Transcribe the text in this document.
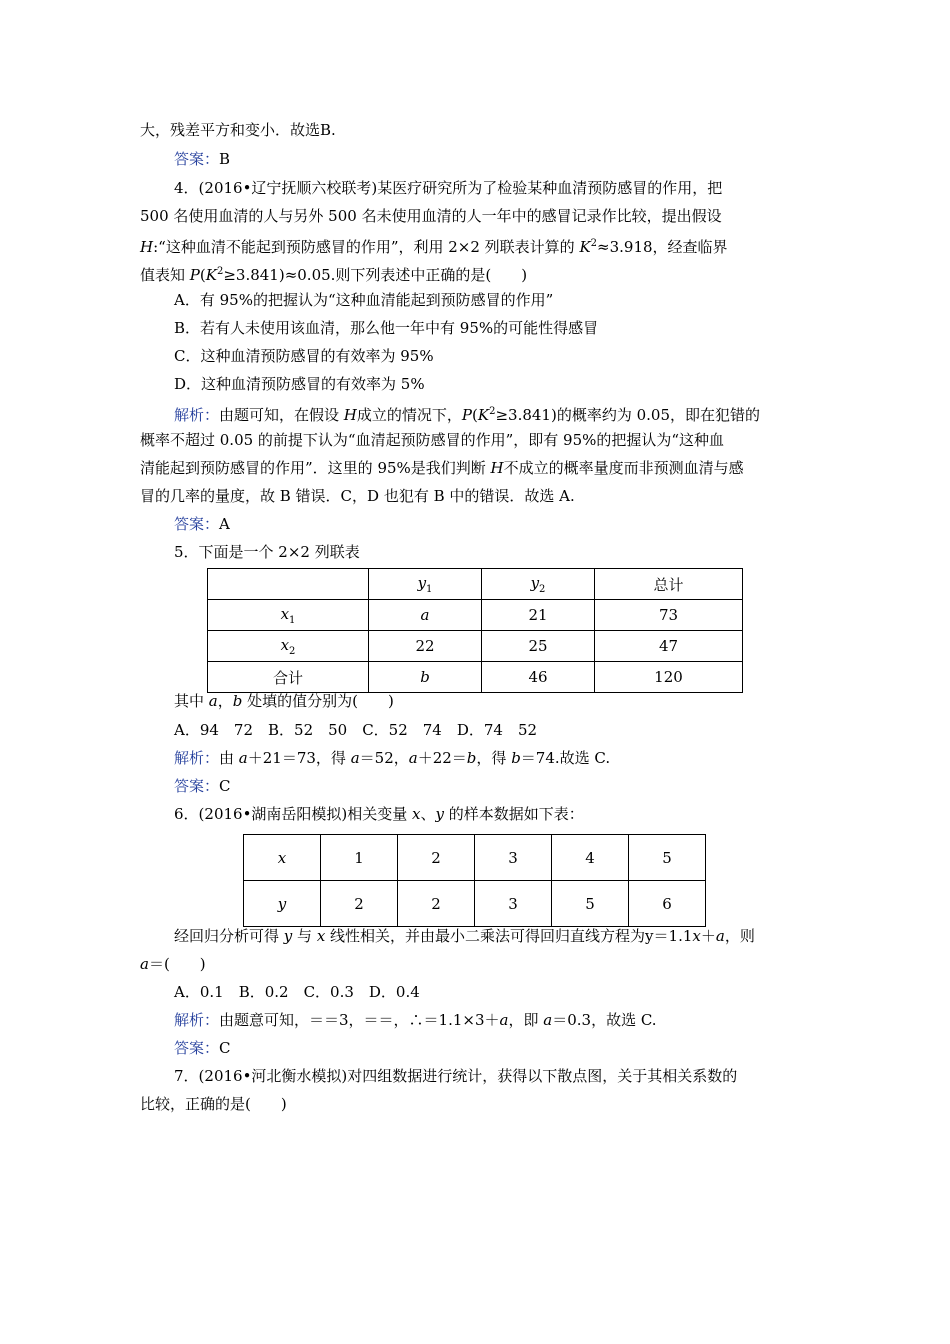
大，残差平方和变小．故选B.
答案：B
4．(2016•辽宁抚顺六校联考)某医疗研究所为了检验某种血清预防感冒的作用，把
500 名使用血清的人与另外 500 名未使用血清的人一年中的感冒记录作比较，提出假设
H:“这种血清不能起到预防感冒的作用”，利用 2×2 列联表计算的 $K^2\approx 3.918$，经查临界
值表知 $P(K^2\ge 3.841)\approx 0.05$.则下列表述中正确的是(　　)
A．有 95%的把握认为“这种血清能起到预防感冒的作用”
B．若有人未使用该血清，那么他一年中有 95%的可能性得感冒
C．这种血清预防感冒的有效率为 95%
D．这种血清预防感冒的有效率为 5%
解析：由题可知，在假设 H成立的情况下，$P(K^2\ge 3.841)$的概率约为 0.05，即在犯错的
概率不超过 0.05 的前提下认为“血清起预防感冒的作用”，即有 95%的把握认为“这种血
清能起到预防感冒的作用”．这里的 95%是我们判断 H不成立的概率量度而非预测血清与感
冒的几率的量度，故 B 错误．C，D 也犯有 B 中的错误．故选 A.
答案：A
5．下面是一个 2×2 列联表
	$y_1$	$y_2$	总计
$x_1$	a	21	73
$x_2$	22	25	47
合计	b	46	120
其中 a，b 处填的值分别为(　　)
A．94　72　B．52　50　C．52　74　D．74　52
解析：由 a＋21＝73，得 a＝52，a＋22＝b，得 b＝74.故选 C.
答案：C
6．(2016•湖南岳阳模拟)相关变量 x、y 的样本数据如下表：
x	1	2	3	4	5
y	2	2	3	5	6
经回归分析可得 y 与 x 线性相关，并由最小二乘法可得回归直线方程为y＝1.1x＋a，则
a＝(　　)
A．0.1　B．0.2　C．0.3　D．0.4
解析：由题意可知，＝＝3，＝＝，∴＝1.1×3＋a，即 a＝0.3，故选 C.
答案：C
7．(2016•河北衡水模拟)对四组数据进行统计，获得以下散点图，关于其相关系数的
比较，正确的是(　　)
